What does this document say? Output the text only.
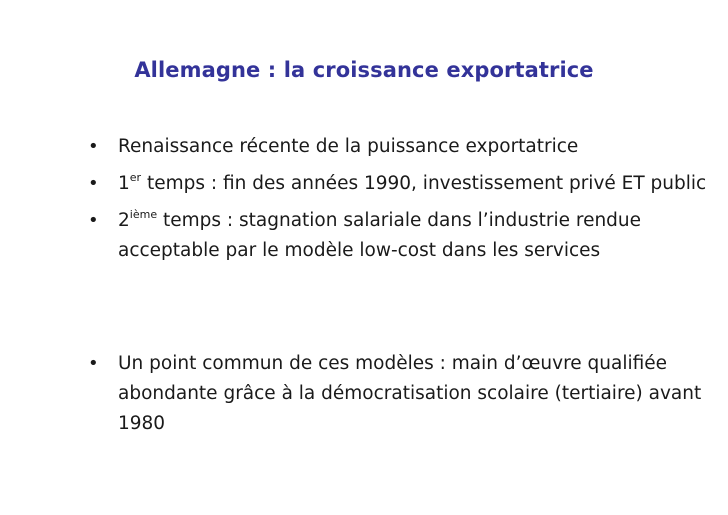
Allemagne : la croissance exportatrice
• Renaissance récente de la puissance exportatrice
• 1er temps : fin des années 1990, investissement privé ET public
• 2ième temps : stagnation salariale dans l’industrie rendue acceptable par le modèle low-cost dans les services
• Un point commun de ces modèles : main d’œuvre qualifiée abondante grâce à la démocratisation scolaire (tertiaire) avant 1980
